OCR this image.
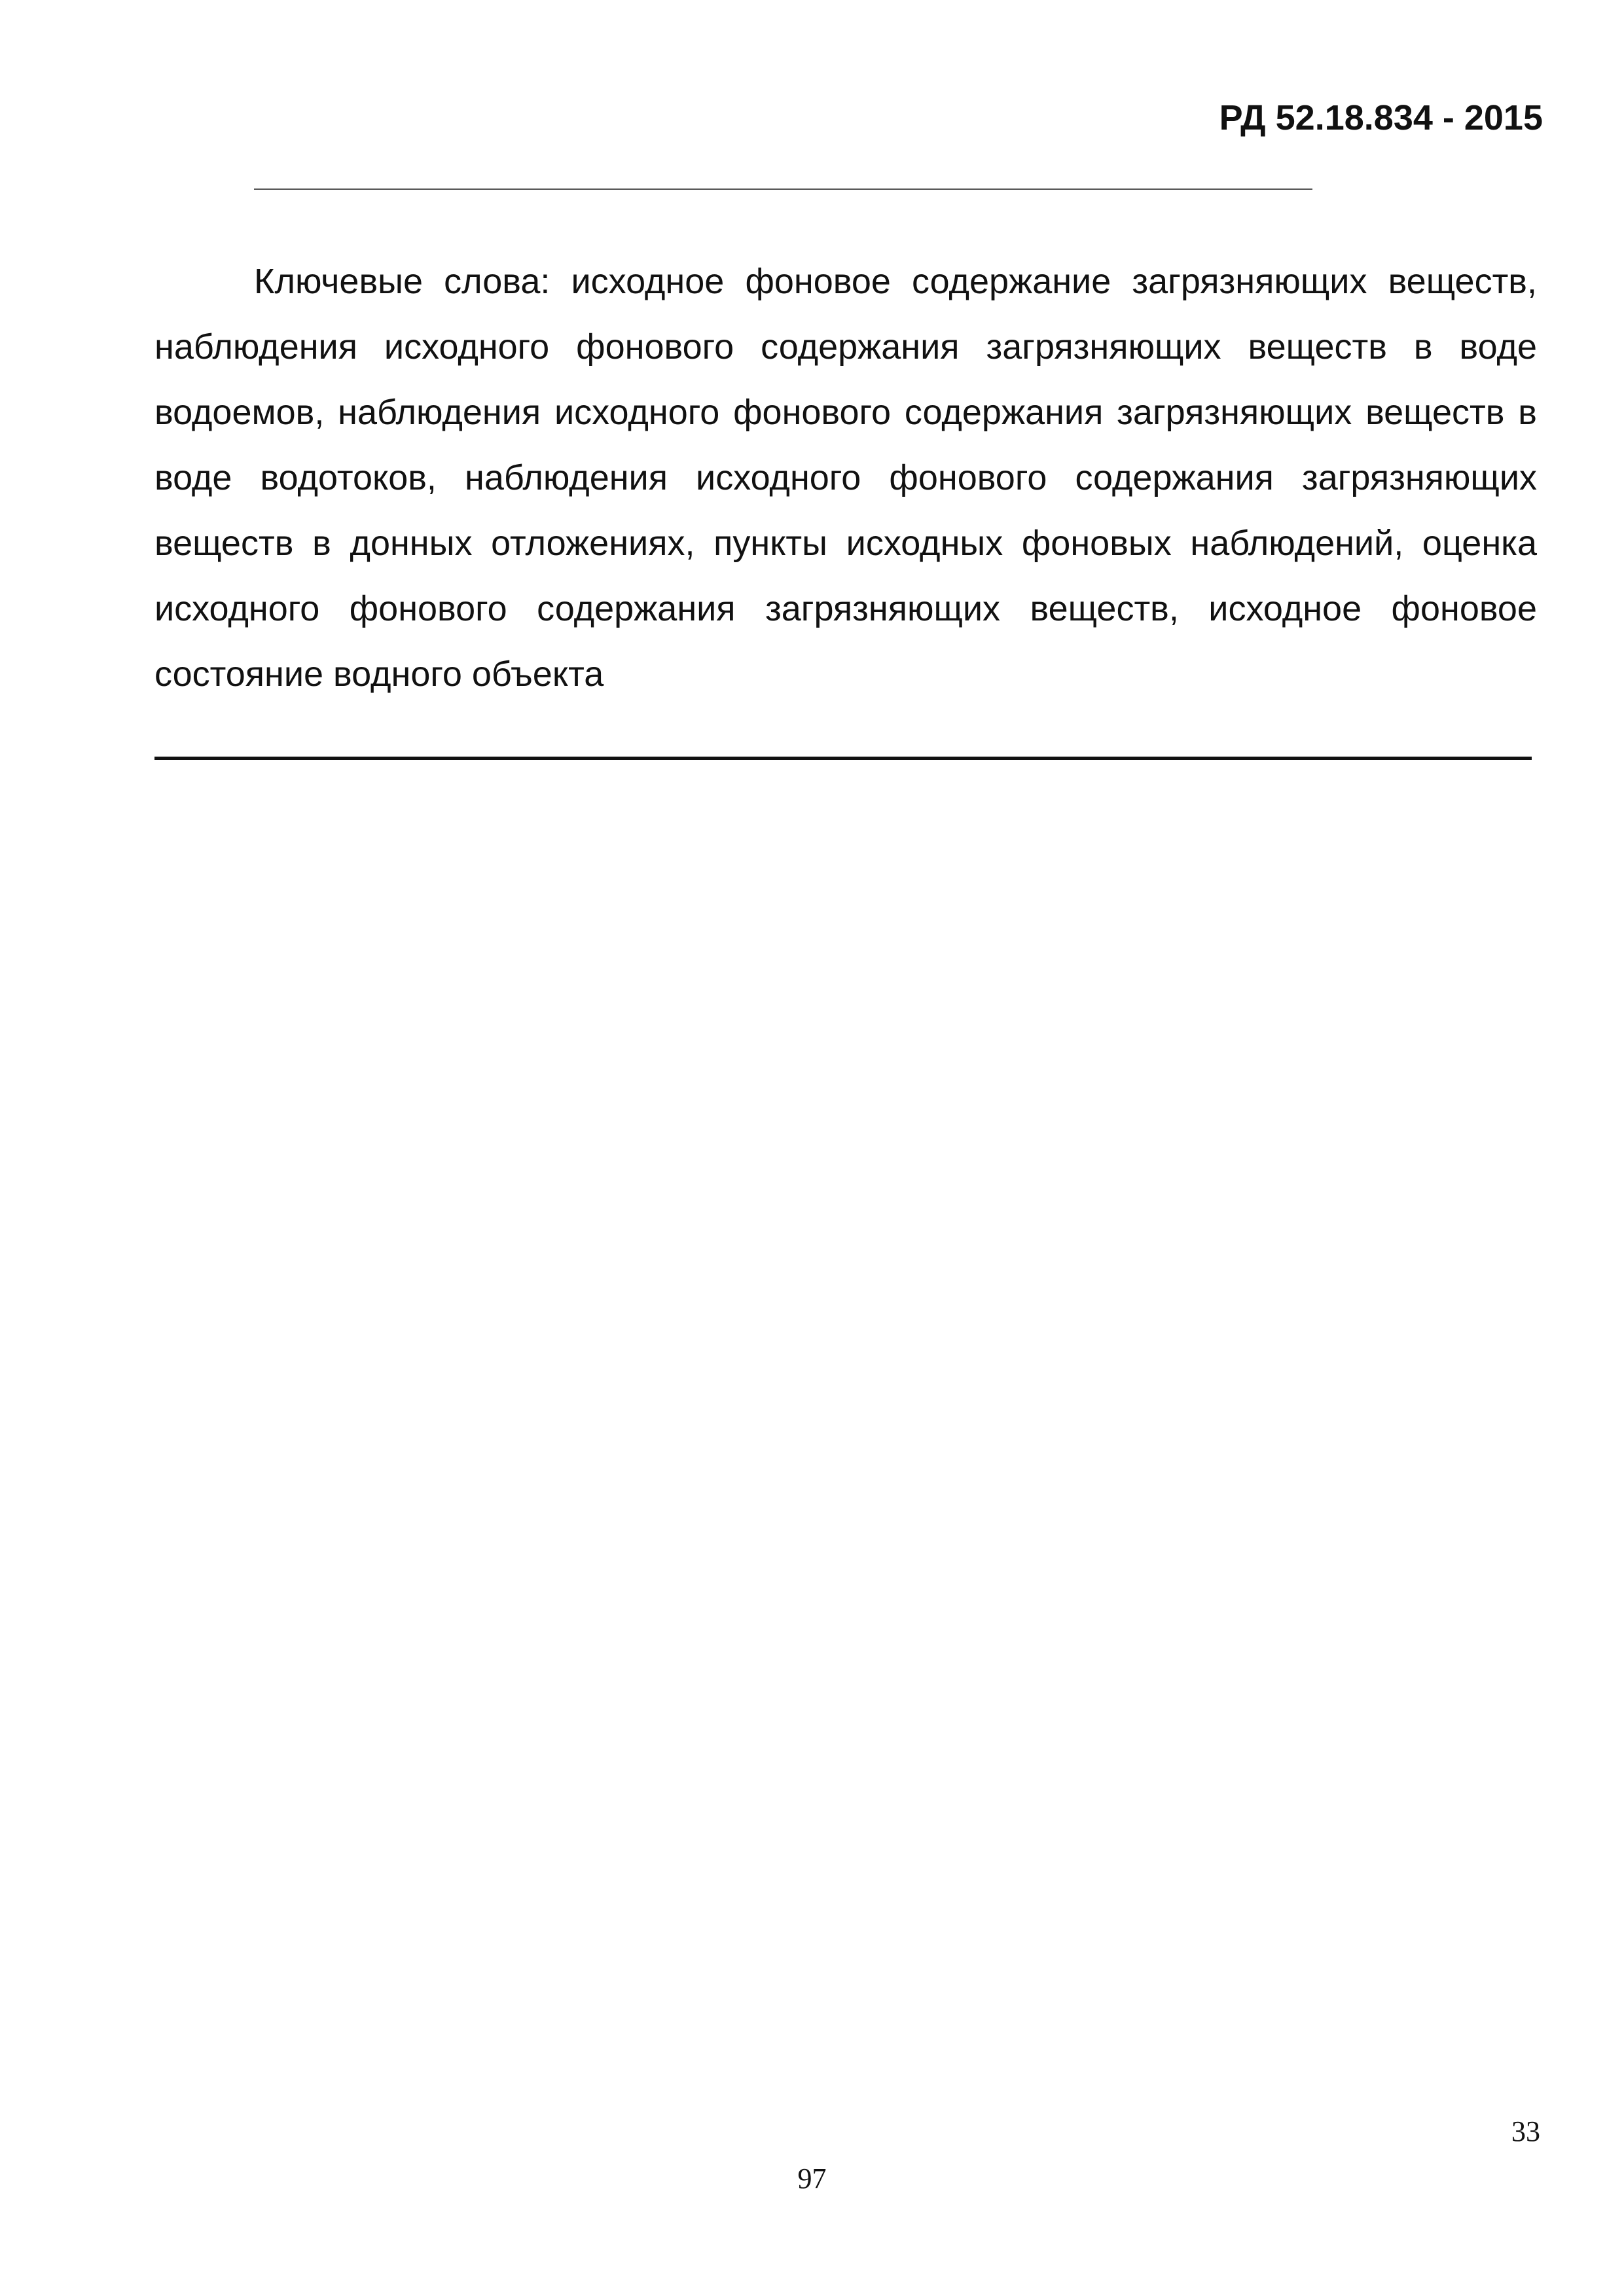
РД 52.18.834 - 2015

Ключевые слова: исходное фоновое содержание загрязняющих веществ, наблюдения исходного фонового содержания загрязняющих веществ в воде водоемов, наблюдения исходного фонового содержания загрязняющих веществ в воде водотоков, наблюдения исходного фонового содержания загрязняющих веществ в донных отложениях, пункты исходных фоновых наблюдений, оценка исходного фонового содержания загрязняющих веществ, исходное фоновое состояние водного объекта

33
97
